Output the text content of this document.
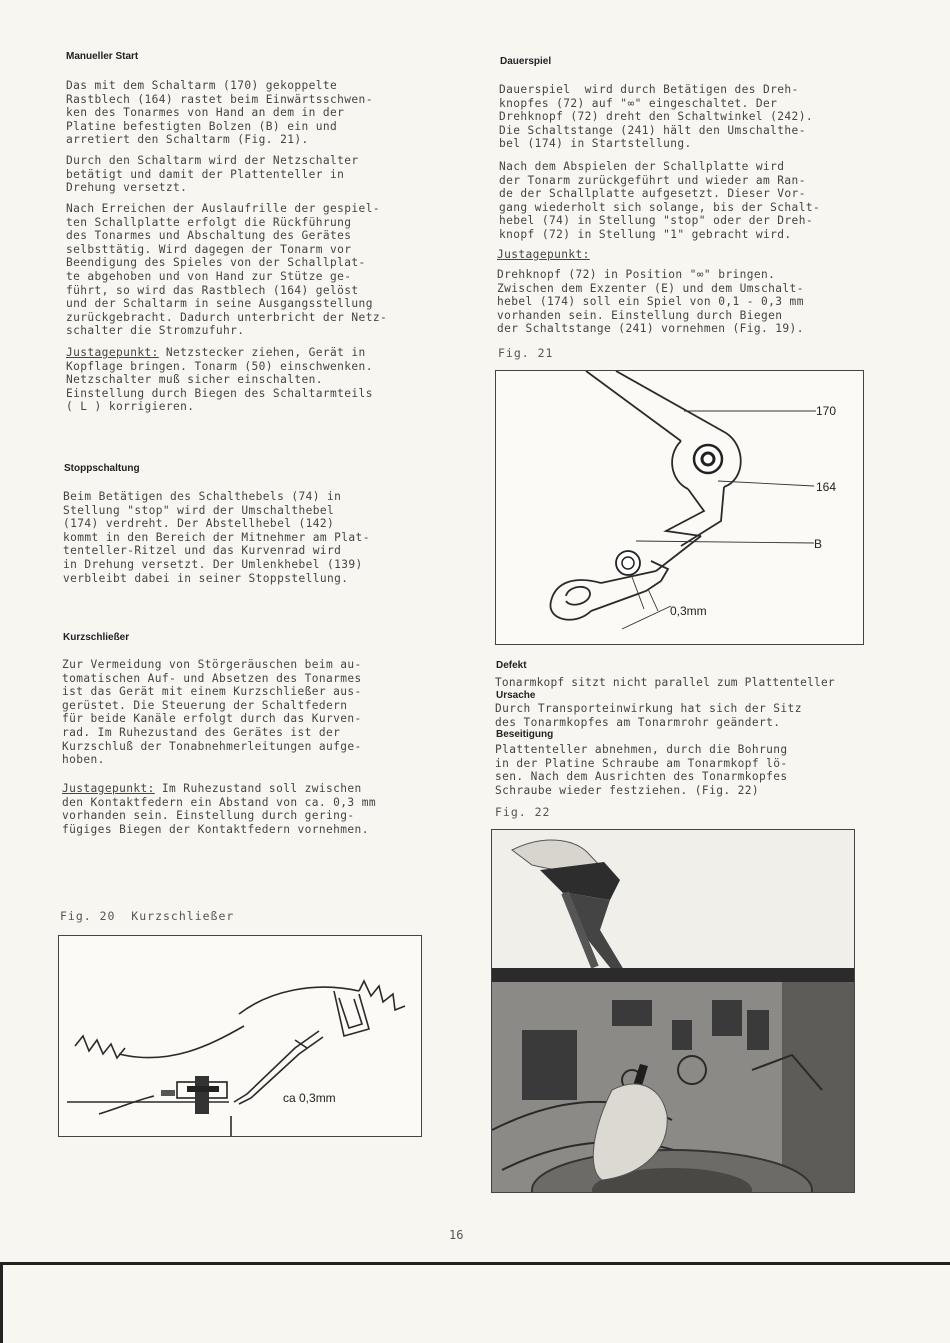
Manueller Start
Das mit dem Schaltarm (170) gekoppelte
Rastblech (164) rastet beim Einwärtsschwen-
ken des Tonarmes von Hand an dem in der
Platine befestigten Bolzen (B) ein und
arretiert den Schaltarm (Fig. 21).
Durch den Schaltarm wird der Netzschalter
betätigt und damit der Plattenteller in
Drehung versetzt.
Nach Erreichen der Auslaufrille der gespiel-
ten Schallplatte erfolgt die Rückführung
des Tonarmes und Abschaltung des Gerätes
selbsttätig. Wird dagegen der Tonarm vor
Beendigung des Spieles von der Schallplat-
te abgehoben und von Hand zur Stütze ge-
führt, so wird das Rastblech (164) gelöst
und der Schaltarm in seine Ausgangsstellung
zurückgebracht. Dadurch unterbricht der Netz-
schalter die Stromzufuhr.
Justagepunkt: Netzstecker ziehen, Gerät in
Kopflage bringen. Tonarm (50) einschwenken.
Netzschalter muß sicher einschalten.
Einstellung durch Biegen des Schaltarmteils
( L ) korrigieren.
Stoppschaltung
Beim Betätigen des Schalthebels (74) in
Stellung "stop" wird der Umschalthebel
(174) verdreht. Der Abstellhebel (142)
kommt in den Bereich der Mitnehmer am Plat-
tenteller-Ritzel und das Kurvenrad wird
in Drehung versetzt. Der Umlenkhebel (139)
verbleibt dabei in seiner Stoppstellung.
Kurzschließer
Zur Vermeidung von Störgeräuschen beim au-
tomatischen Auf- und Absetzen des Tonarmes
ist das Gerät mit einem Kurzschließer aus-
gerüstet. Die Steuerung der Schaltfedern
für beide Kanäle erfolgt durch das Kurven-
rad. Im Ruhezustand des Gerätes ist der
Kurzschluß der Tonabnehmerleitungen aufge-
hoben.
Justagepunkt: Im Ruhezustand soll zwischen
den Kontaktfedern ein Abstand von ca. 0,3 mm
vorhanden sein. Einstellung durch gering-
fügiges Biegen der Kontaktfedern vornehmen.
Fig. 20  Kurzschließer
ca 0,3mm
Dauerspiel
Dauerspiel  wird durch Betätigen des Dreh-
knopfes (72) auf "∞" eingeschaltet. Der
Drehknopf (72) dreht den Schaltwinkel (242).
Die Schaltstange (241) hält den Umschalthe-
bel (174) in Startstellung.
Nach dem Abspielen der Schallplatte wird
der Tonarm zurückgeführt und wieder am Ran-
de der Schallplatte aufgesetzt. Dieser Vor-
gang wiederholt sich solange, bis der Schalt-
hebel (74) in Stellung "stop" oder der Dreh-
knopf (72) in Stellung "1" gebracht wird.
Justagepunkt:
Drehknopf (72) in Position "∞" bringen.
Zwischen dem Exzenter (E) und dem Umschalt-
hebel (174) soll ein Spiel von 0,1 - 0,3 mm
vorhanden sein. Einstellung durch Biegen
der Schaltstange (241) vornehmen (Fig. 19).
Fig. 21
170
164
B
0,3mm
Defekt
Tonarmkopf sitzt nicht parallel zum Plattenteller
Ursache
Durch Transporteinwirkung hat sich der Sitz
des Tonarmkopfes am Tonarmrohr geändert.
Beseitigung
Plattenteller abnehmen, durch die Bohrung
in der Platine Schraube am Tonarmkopf lö-
sen. Nach dem Ausrichten des Tonarmkopfes
Schraube wieder festziehen. (Fig. 22)
Fig. 22
16
